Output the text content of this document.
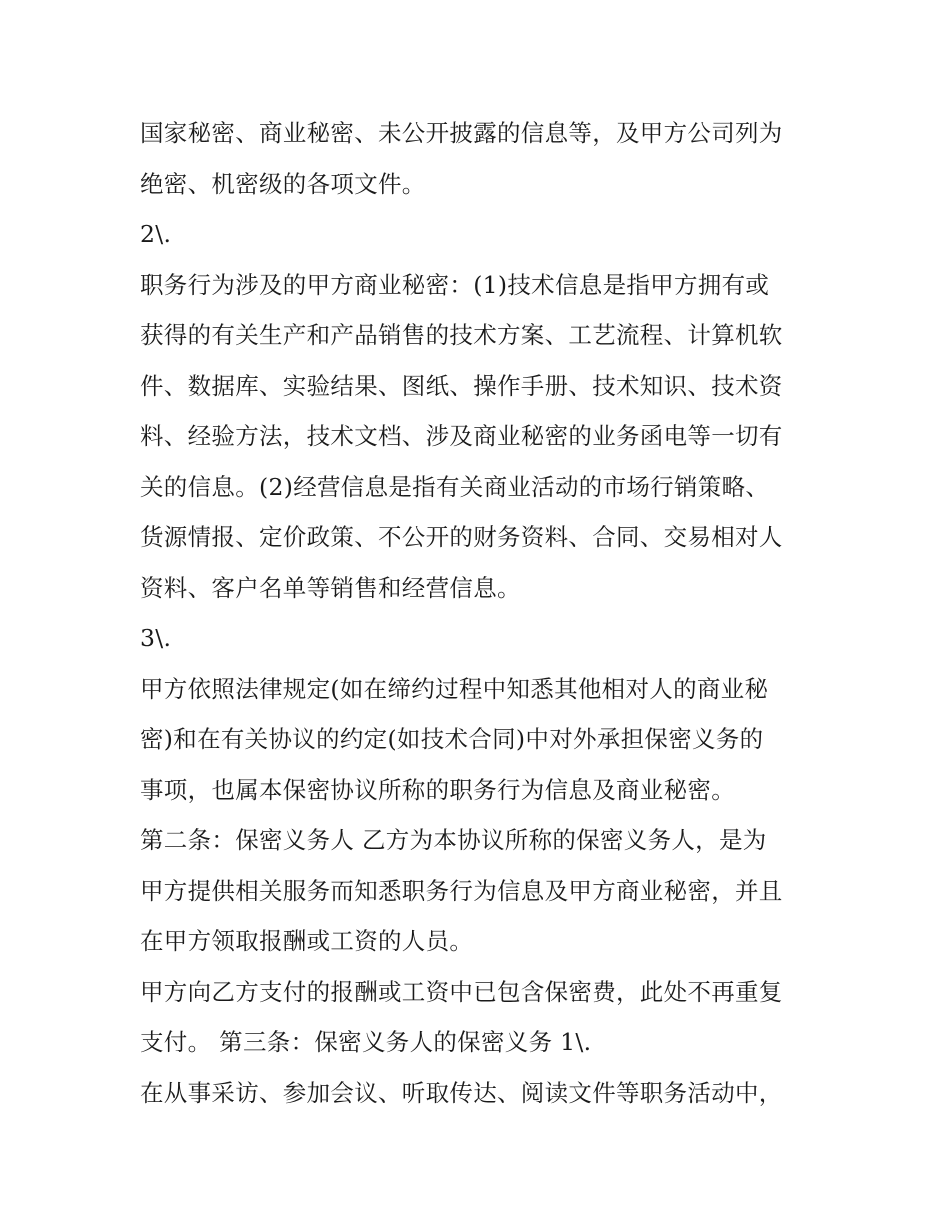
国家秘密、商业秘密、未公开披露的信息等，及甲方公司列为
绝密、机密级的各项文件。
2\.
职务行为涉及的甲方商业秘密：(1)技术信息是指甲方拥有或
获得的有关生产和产品销售的技术方案、工艺流程、计算机软
件、数据库、实验结果、图纸、操作手册、技术知识、技术资
料、经验方法，技术文档、涉及商业秘密的业务函电等一切有
关的信息。(2)经营信息是指有关商业活动的市场行销策略、
货源情报、定价政策、不公开的财务资料、合同、交易相对人
资料、客户名单等销售和经营信息。
3\.
甲方依照法律规定(如在缔约过程中知悉其他相对人的商业秘
密)和在有关协议的约定(如技术合同)中对外承担保密义务的
事项，也属本保密协议所称的职务行为信息及商业秘密。
第二条：保密义务人 乙方为本协议所称的保密义务人，是为
甲方提供相关服务而知悉职务行为信息及甲方商业秘密，并且
在甲方领取报酬或工资的人员。
甲方向乙方支付的报酬或工资中已包含保密费，此处不再重复
支付。 第三条：保密义务人的保密义务 1\.
在从事采访、参加会议、听取传达、阅读文件等职务活动中，
